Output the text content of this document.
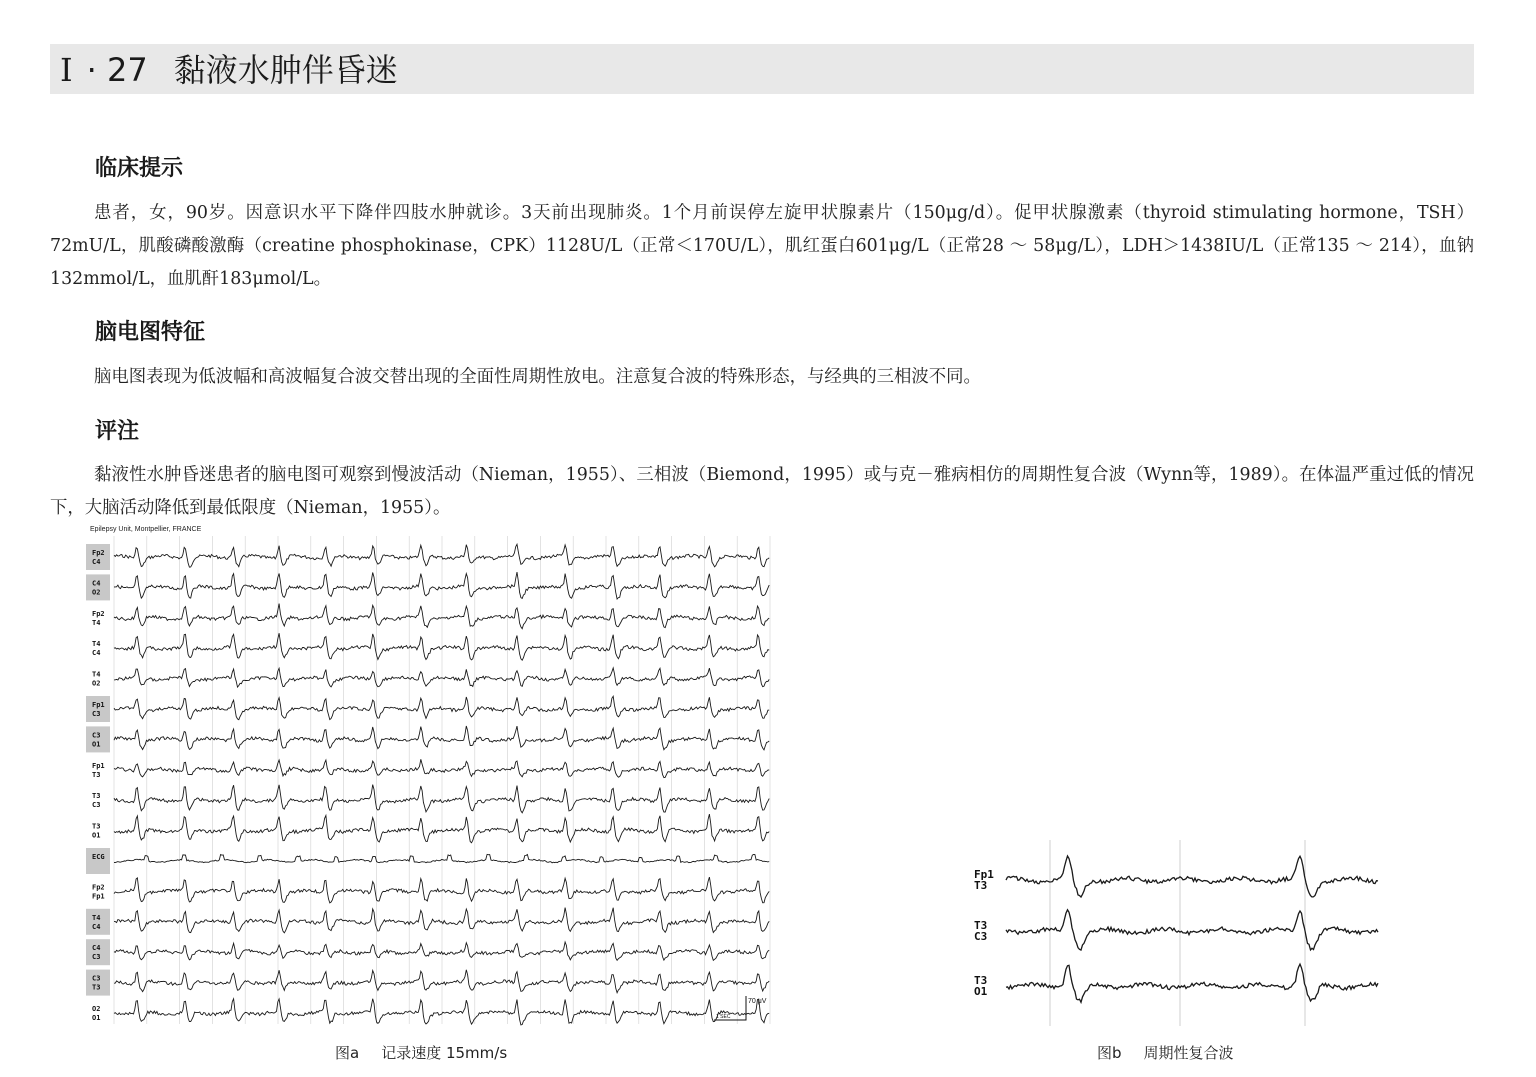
I · 27 黏液水肿伴昏迷
临床提示
患者，女，90岁。因意识水平下降伴四肢水肿就诊。3天前出现肺炎。1个月前误停左旋甲状腺素片（150μg/d）。促甲状腺激素（thyroid stimulating hormone，TSH）72mU/L，肌酸磷酸激酶（creatine phosphokinase，CPK）1128U/L（正常＜170U/L），肌红蛋白601μg/L（正常28 ～ 58μg/L），LDH＞1438IU/L（正常135 ～ 214），血钠132mmol/L，血肌酐183μmol/L。
脑电图特征
脑电图表现为低波幅和高波幅复合波交替出现的全面性周期性放电。注意复合波的特殊形态，与经典的三相波不同。
评注
黏液性水肿昏迷患者的脑电图可观察到慢波活动（Nieman，1955）、三相波（Biemond，1995）或与克－雅病相仿的周期性复合波（Wynn等，1989）。在体温严重过低的情况下，大脑活动降低到最低限度（Nieman，1955）。
Epilepsy Unit, Montpellier, FRANCE
Fp2
C4
C4
O2
Fp2
T4
T4
C4
T4
O2
Fp1
C3
C3
O1
Fp1
T3
T3
C3
T3
O1
ECG
Fp2
Fp1
T4
C4
C4
C3
C3
T3
O2
O1
70 μV
1 SEC
图a 记录速度 15mm/s
Fp1
T3
T3
C3
T3
O1
图b 周期性复合波
